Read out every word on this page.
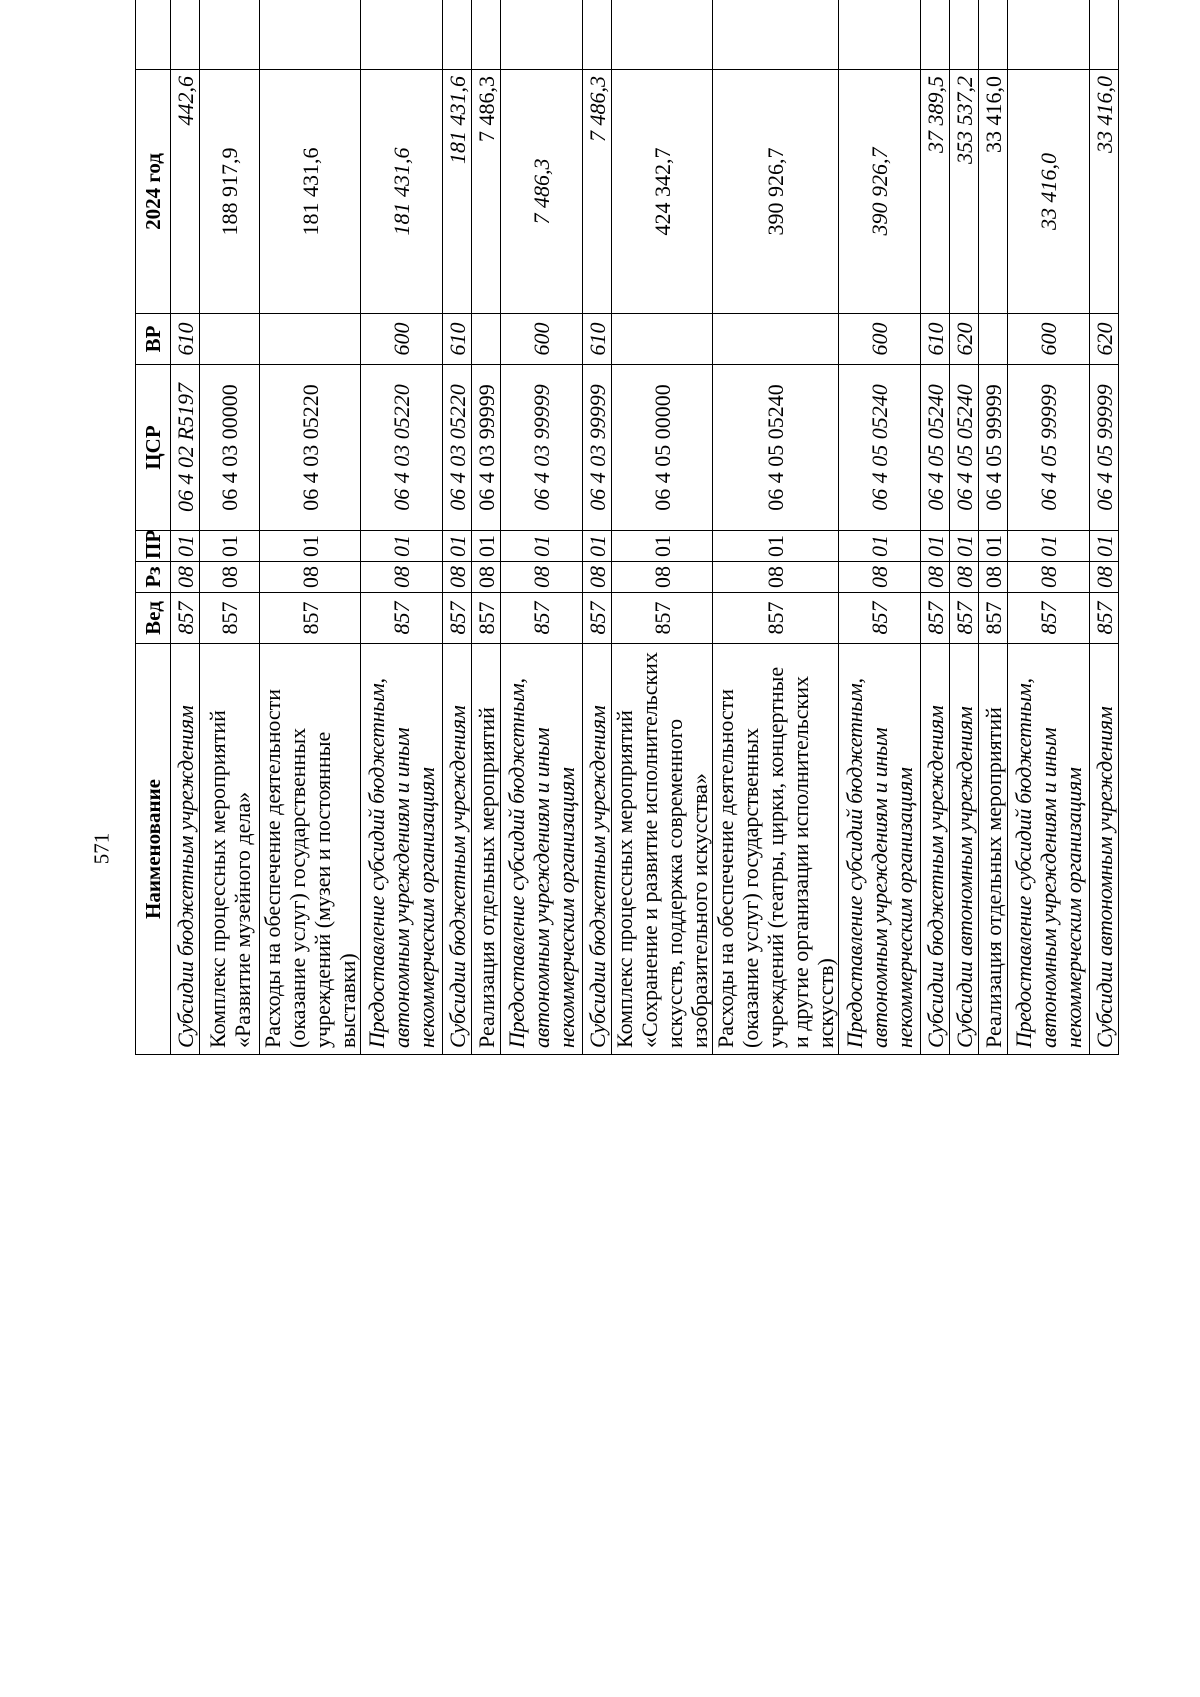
571 Наименование	Вед	Рз	ПР	ЦСР	ВР	2024 год		
Субсидии бюджетным учреждениям	857	08	01	06 4 02 R5197	610	442,6		
Комплекс процессных мероприятий «Развитие музейного дела»	857	08	01	06 4 03 00000		188 917,9		
Расходы на обеспечение деятельности (оказание услуг) государственных учреждений (музеи и постоянные выставки)	857	08	01	06 4 03 05220		181 431,6		
Предоставление субсидий бюджетным, автономным учреждениям и иным некоммерческим организациям	857	08	01	06 4 03 05220	600	181 431,6		
Субсидии бюджетным учреждениям	857	08	01	06 4 03 05220	610	181 431,6		
Реализация отдельных мероприятий	857	08	01	06 4 03 99999		7 486,3		
Предоставление субсидий бюджетным, автономным учреждениям и иным некоммерческим организациям	857	08	01	06 4 03 99999	600	7 486,3		
Субсидии бюджетным учреждениям	857	08	01	06 4 03 99999	610	7 486,3		
Комплекс процессных мероприятий «Сохранение и развитие исполнительских искусств, поддержка современного изобразительного искусства»	857	08	01	06 4 05 00000		424 342,7		
Расходы на обеспечение деятельности (оказание услуг) государственных учреждений (театры, цирки, концертные и другие организации исполнительских искусств)	857	08	01	06 4 05 05240		390 926,7		
Предоставление субсидий бюджетным, автономным учреждениям и иным некоммерческим организациям	857	08	01	06 4 05 05240	600	390 926,7		
Субсидии бюджетным учреждениям	857	08	01	06 4 05 05240	610	37 389,5		
Субсидии автономным учреждениям	857	08	01	06 4 05 05240	620	353 537,2		
Реализация отдельных мероприятий	857	08	01	06 4 05 99999		33 416,0		
Предоставление субсидий бюджетным, автономным учреждениям и иным некоммерческим организациям	857	08	01	06 4 05 99999	600	33 416,0		
Субсидии автономным учреждениям	857	08	01	06 4 05 99999	620	33 416,0		
